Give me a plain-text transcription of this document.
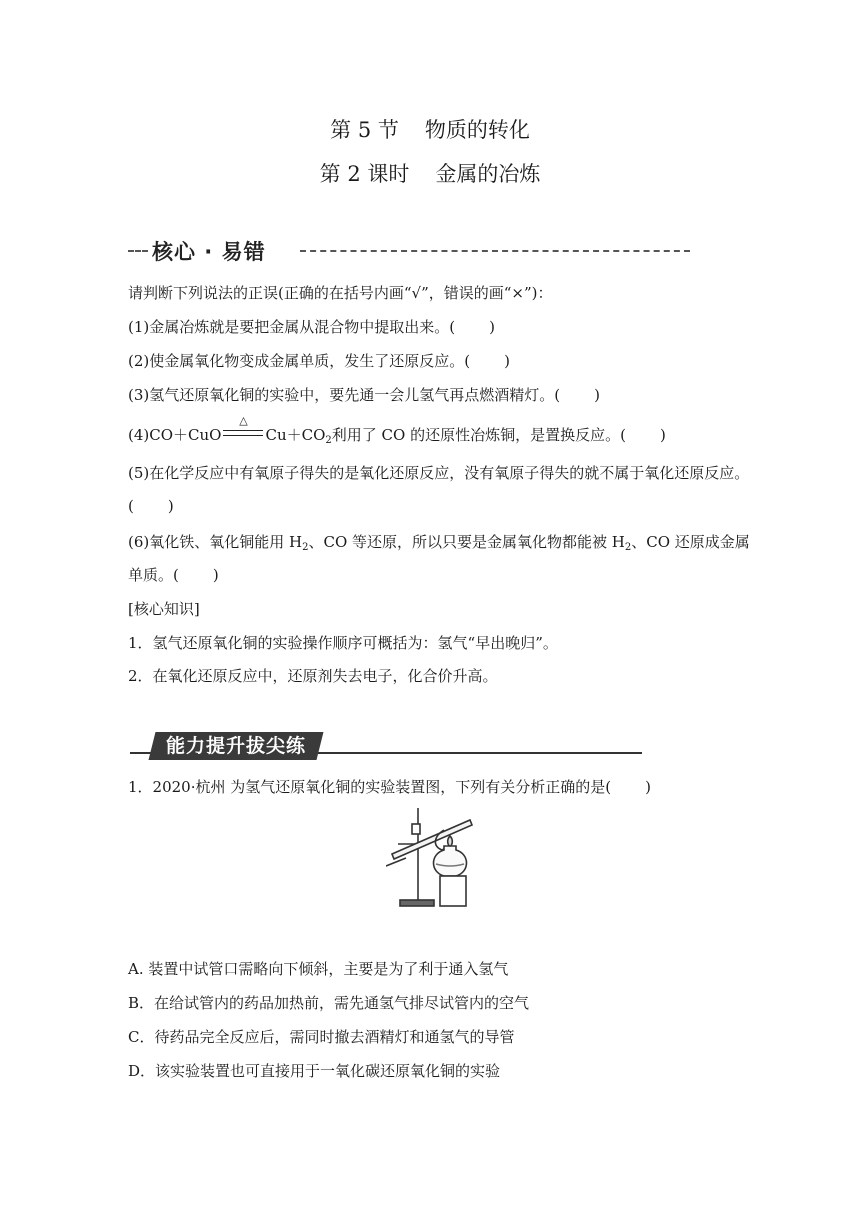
第 5 节 物质的转化
第 2 课时 金属的冶炼
核心 · 易错
请判断下列说法的正误(正确的在括号内画“√”，错误的画“×”)：
(1)金属冶炼就是要把金属从混合物中提取出来。( )
(2)使金属氧化物变成金属单质，发生了还原反应。( )
(3)氢气还原氧化铜的实验中，要先通一会儿氢气再点燃酒精灯。( )
(4)CO＋CuO
△
$Cu+CO_2$利用了 CO 的还原性冶炼铜，是置换反应。( )
(5)在化学反应中有氧原子得失的是氧化还原反应，没有氧原子得失的就不属于氧化还原反应。
( )
(6)氧化铁、氧化铜能用 $H_2$、CO 等还原，所以只要是金属氧化物都能被 $H_2$、CO 还原成金属
单质。( )
[核心知识]
1．氢气还原氧化铜的实验操作顺序可概括为：氢气“早出晚归”。
2．在氧化还原反应中，还原剂失去电子，化合价升高。
能力提升拔尖练
1．2020·杭州 为氢气还原氧化铜的实验装置图，下列有关分析正确的是( )
A. 装置中试管口需略向下倾斜，主要是为了利于通入氢气
B．在给试管内的药品加热前，需先通氢气排尽试管内的空气
C．待药品完全反应后，需同时撤去酒精灯和通氢气的导管
D．该实验装置也可直接用于一氧化碳还原氧化铜的实验
